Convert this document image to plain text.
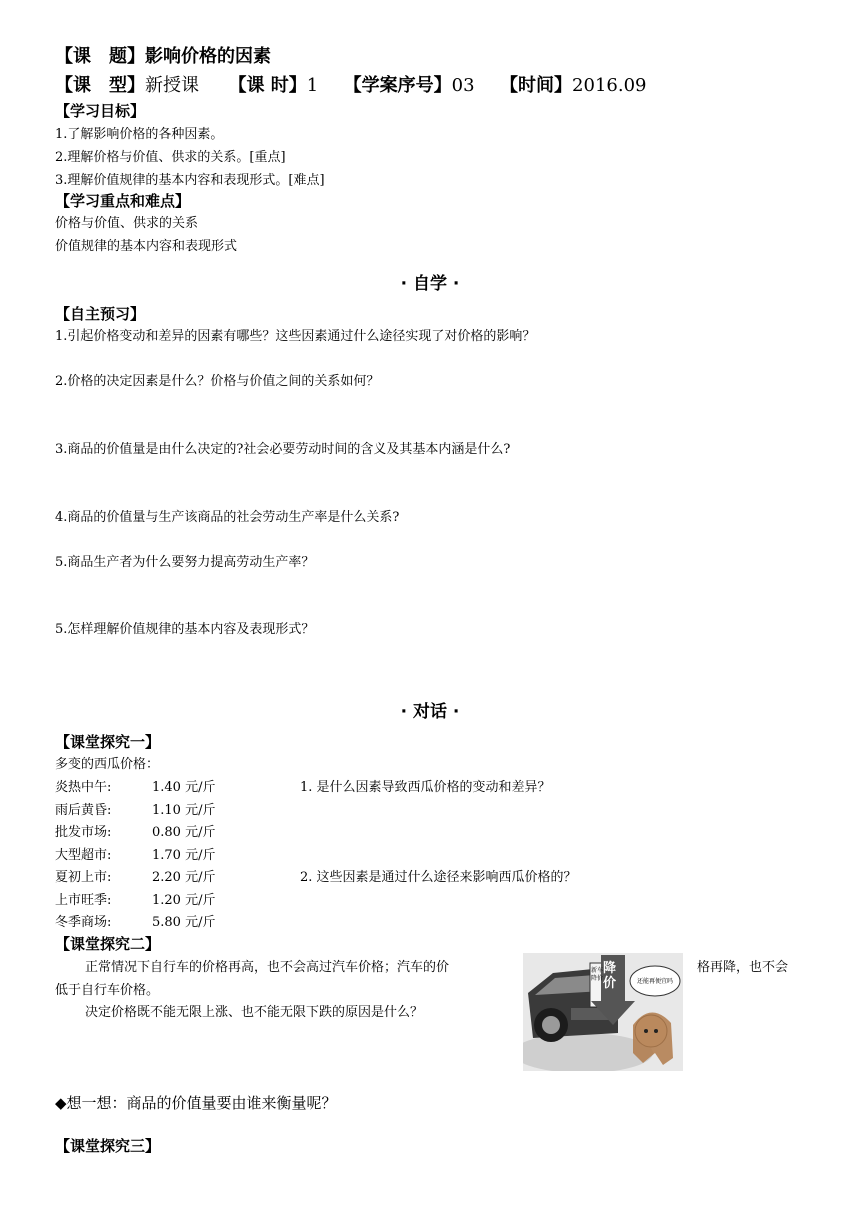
【课　题】影响价格的因素
【课　型】新授课 【课 时】1 【学案序号】03 【时间】2016.09
【学习目标】
1.了解影响价格的各种因素。
2.理解价格与价值、供求的关系。[重点]
3.理解价值规律的基本内容和表现形式。[难点]
【学习重点和难点】
价格与价值、供求的关系
价值规律的基本内容和表现形式
· 自学 ·
【自主预习】
1.引起价格变动和差异的因素有哪些？这些因素通过什么途径实现了对价格的影响？
2.价格的决定因素是什么？价格与价值之间的关系如何？
3.商品的价值量是由什么决定的?社会必要劳动时间的含义及其基本内涵是什么?
4.商品的价值量与生产该商品的社会劳动生产率是什么关系?
5.商品生产者为什么要努力提高劳动生产率？
5.怎样理解价值规律的基本内容及表现形式？
· 对话 ·
【课堂探究一】
多变的西瓜价格：
炎热中午:	1.40 元/斤
雨后黄昏:	1.10 元/斤
批发市场:	0.80 元/斤
大型超市:	1.70 元/斤
夏初上市:	2.20 元/斤
上市旺季:	1.20 元/斤
冬季商场:	5.80 元/斤
1. 是什么因素导致西瓜价格的变动和差异？
2. 这些因素是通过什么途径来影响西瓜价格的？
【课堂探究二】
正常情况下自行车的价格再高，也不会高过汽车价格；汽车的价	格再降，也不会
低于自行车价格。
决定价格既不能无限上涨、也不能无限下跌的原因是什么？
降价
新车降价	还能再便宜吗
◆想一想：商品的价值量要由谁来衡量呢？
【课堂探究三】
